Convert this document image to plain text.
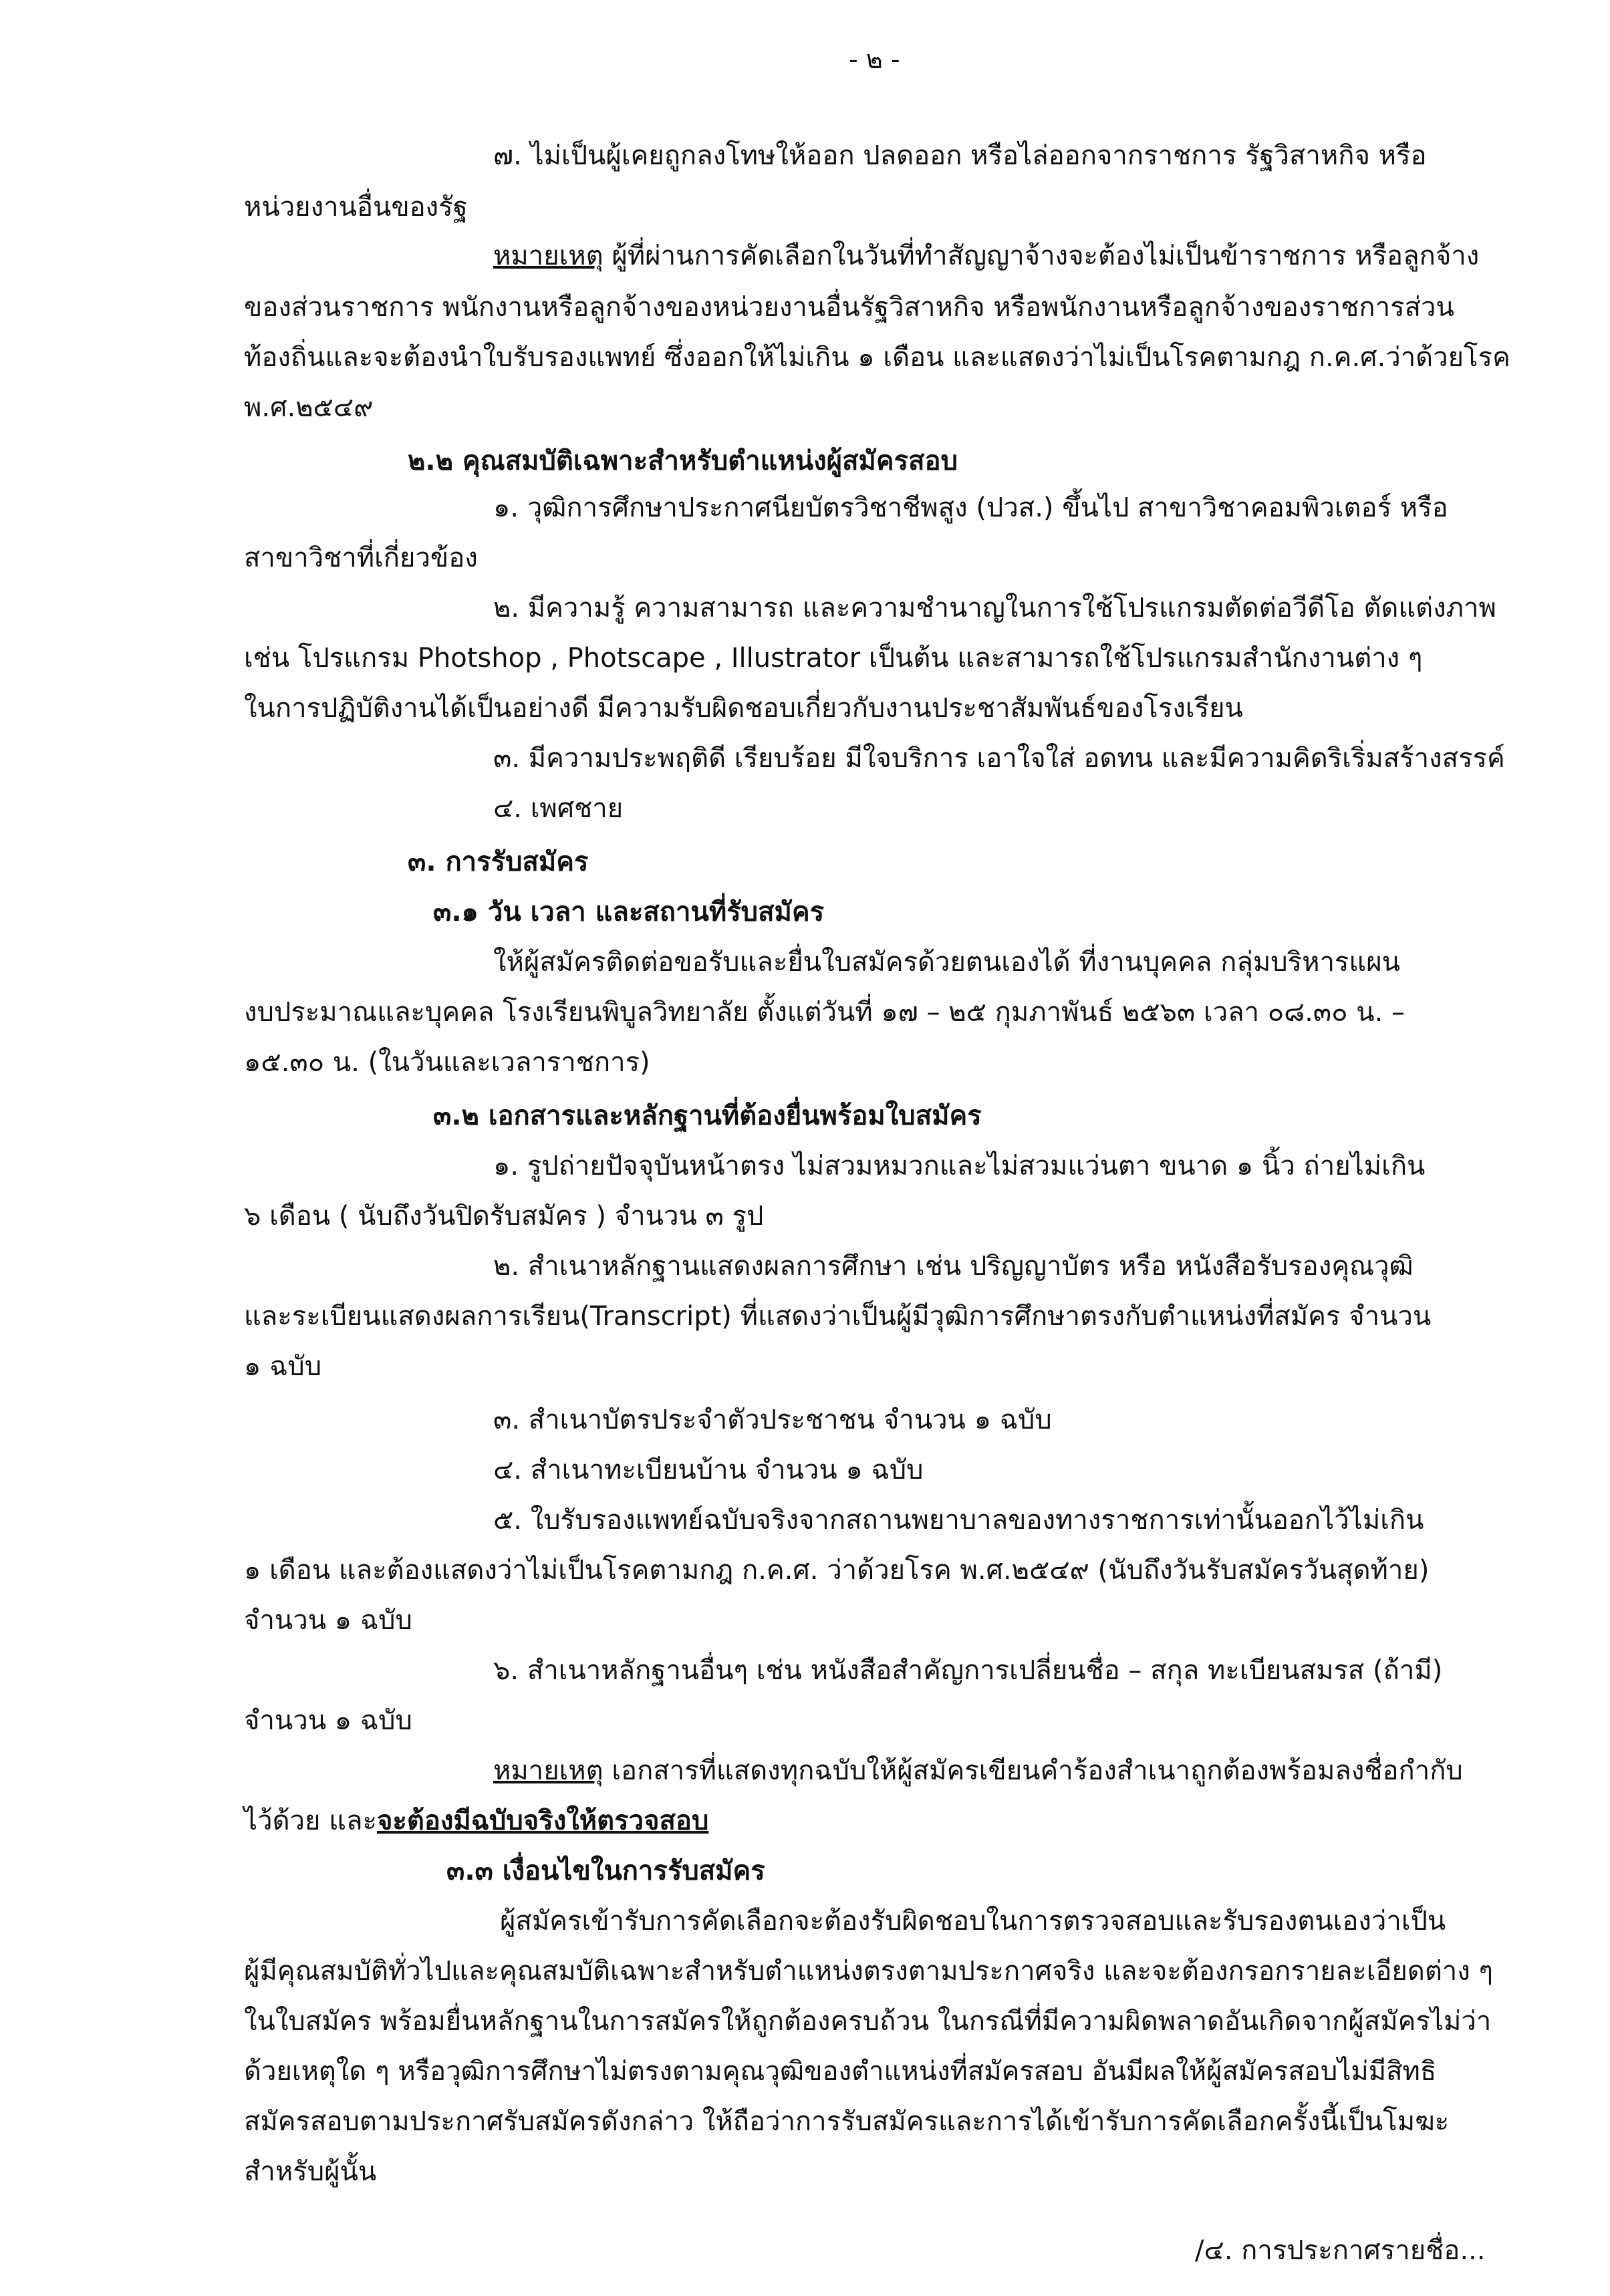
- ๒ -
๗. ไม่เป็นผู้เคยถูกลงโทษให้ออก ปลดออก หรือไล่ออกจากราชการ รัฐวิสาหกิจ หรือ
หน่วยงานอื่นของรัฐ
หมายเหตุ ผู้ที่ผ่านการคัดเลือกในวันที่ทำสัญญาจ้างจะต้องไม่เป็นข้าราชการ หรือลูกจ้าง
ของส่วนราชการ พนักงานหรือลูกจ้างของหน่วยงานอื่นรัฐวิสาหกิจ หรือพนักงานหรือลูกจ้างของราชการส่วน
ท้องถิ่นและจะต้องนำใบรับรองแพทย์ ซึ่งออกให้ไม่เกิน ๑ เดือน และแสดงว่าไม่เป็นโรคตามกฎ ก.ค.ศ.ว่าด้วยโรค
พ.ศ.๒๕๔๙
๒.๒ คุณสมบัติเฉพาะสำหรับตำแหน่งผู้สมัครสอบ
๑. วุฒิการศึกษาประกาศนียบัตรวิชาชีพสูง (ปวส.) ขึ้นไป สาขาวิชาคอมพิวเตอร์ หรือ
สาขาวิชาที่เกี่ยวข้อง
๒. มีความรู้ ความสามารถ และความชำนาญในการใช้โปรแกรมตัดต่อวีดีโอ ตัดแต่งภาพ
เช่น โปรแกรม Photshop , Photscape , Illustrator เป็นต้น และสามารถใช้โปรแกรมสำนักงานต่าง ๆ
ในการปฏิบัติงานได้เป็นอย่างดี มีความรับผิดชอบเกี่ยวกับงานประชาสัมพันธ์ของโรงเรียน
๓. มีความประพฤติดี เรียบร้อย มีใจบริการ เอาใจใส่ อดทน และมีความคิดริเริ่มสร้างสรรค์
๔. เพศชาย
๓. การรับสมัคร
๓.๑ วัน เวลา และสถานที่รับสมัคร
ให้ผู้สมัครติดต่อขอรับและยื่นใบสมัครด้วยตนเองได้ ที่งานบุคคล กลุ่มบริหารแผน
งบประมาณและบุคคล โรงเรียนพิบูลวิทยาลัย ตั้งแต่วันที่ ๑๗ – ๒๕ กุมภาพันธ์ ๒๕๖๓ เวลา ๐๘.๓๐ น. –
๑๕.๓๐ น. (ในวันและเวลาราชการ)
๓.๒ เอกสารและหลักฐานที่ต้องยื่นพร้อมใบสมัคร
๑. รูปถ่ายปัจจุบันหน้าตรง ไม่สวมหมวกและไม่สวมแว่นตา ขนาด ๑ นิ้ว ถ่ายไม่เกิน
๖ เดือน ( นับถึงวันปิดรับสมัคร ) จำนวน ๓ รูป
๒. สำเนาหลักฐานแสดงผลการศึกษา เช่น ปริญญาบัตร หรือ หนังสือรับรองคุณวุฒิ
และระเบียนแสดงผลการเรียน(Transcript) ที่แสดงว่าเป็นผู้มีวุฒิการศึกษาตรงกับตำแหน่งที่สมัคร จำนวน
๑ ฉบับ
๓. สำเนาบัตรประจำตัวประชาชน จำนวน ๑ ฉบับ
๔. สำเนาทะเบียนบ้าน จำนวน ๑ ฉบับ
๕. ใบรับรองแพทย์ฉบับจริงจากสถานพยาบาลของทางราชการเท่านั้นออกไว้ไม่เกิน
๑ เดือน และต้องแสดงว่าไม่เป็นโรคตามกฎ ก.ค.ศ. ว่าด้วยโรค พ.ศ.๒๕๔๙ (นับถึงวันรับสมัครวันสุดท้าย)
จำนวน ๑ ฉบับ
๖. สำเนาหลักฐานอื่นๆ เช่น หนังสือสำคัญการเปลี่ยนชื่อ – สกุล ทะเบียนสมรส (ถ้ามี)
จำนวน ๑ ฉบับ
หมายเหตุ เอกสารที่แสดงทุกฉบับให้ผู้สมัครเขียนคำร้องสำเนาถูกต้องพร้อมลงชื่อกำกับ
ไว้ด้วย และจะต้องมีฉบับจริงให้ตรวจสอบ
๓.๓ เงื่อนไขในการรับสมัคร
ผู้สมัครเข้ารับการคัดเลือกจะต้องรับผิดชอบในการตรวจสอบและรับรองตนเองว่าเป็น
ผู้มีคุณสมบัติทั่วไปและคุณสมบัติเฉพาะสำหรับตำแหน่งตรงตามประกาศจริง และจะต้องกรอกรายละเอียดต่าง ๆ
ในใบสมัคร พร้อมยื่นหลักฐานในการสมัครให้ถูกต้องครบถ้วน ในกรณีที่มีความผิดพลาดอันเกิดจากผู้สมัครไม่ว่า
ด้วยเหตุใด ๆ หรือวุฒิการศึกษาไม่ตรงตามคุณวุฒิของตำแหน่งที่สมัครสอบ อันมีผลให้ผู้สมัครสอบไม่มีสิทธิ
สมัครสอบตามประกาศรับสมัครดังกล่าว ให้ถือว่าการรับสมัครและการได้เข้ารับการคัดเลือกครั้งนี้เป็นโมฆะ
สำหรับผู้นั้น
/๔. การประกาศรายชื่อ...
